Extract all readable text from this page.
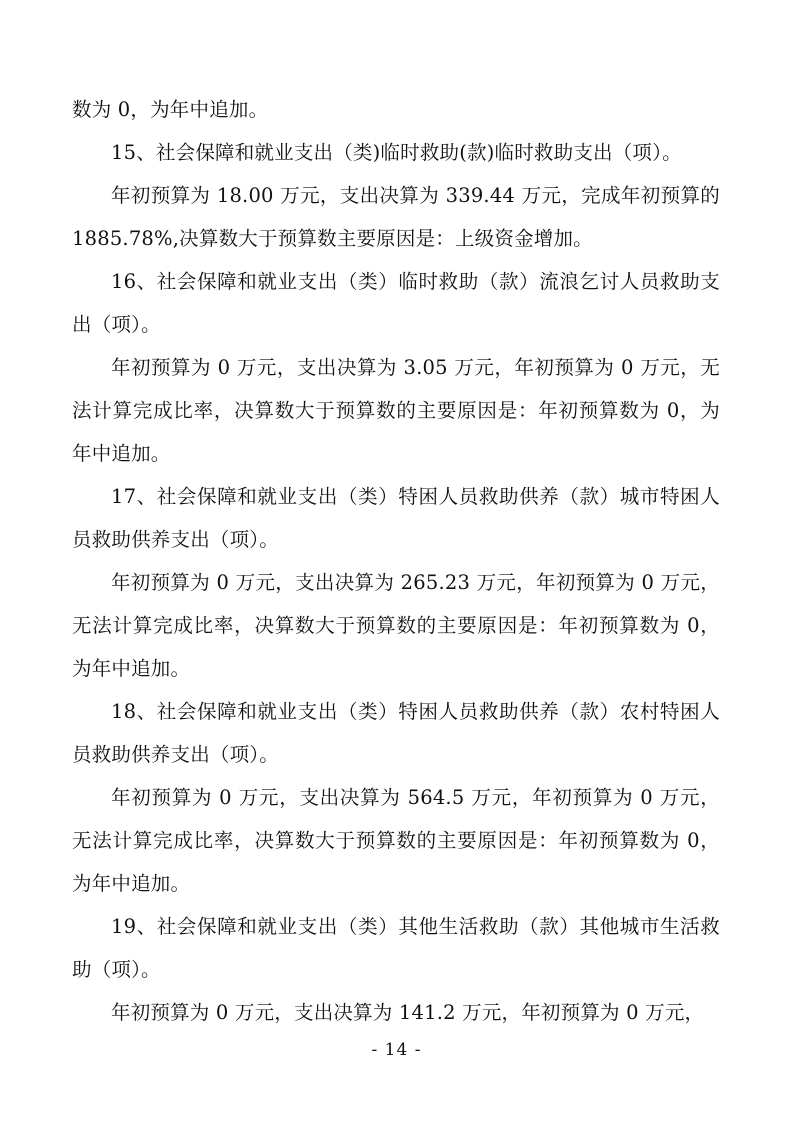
数为 0，为年中追加。

15、社会保障和就业支出（类)临时救助(款)临时救助支出（项）。

年初预算为 18.00 万元，支出决算为 339.44 万元，完成年初预算的 1885.78%,决算数大于预算数主要原因是：上级资金增加。

16、社会保障和就业支出（类）临时救助（款）流浪乞讨人员救助支出（项）。

年初预算为 0 万元，支出决算为 3.05 万元，年初预算为 0 万元，无法计算完成比率，决算数大于预算数的主要原因是：年初预算数为 0，为年中追加。

17、社会保障和就业支出（类）特困人员救助供养（款）城市特困人员救助供养支出（项）。

年初预算为 0 万元，支出决算为 265.23 万元，年初预算为 0 万元，无法计算完成比率，决算数大于预算数的主要原因是：年初预算数为 0，为年中追加。

18、社会保障和就业支出（类）特困人员救助供养（款）农村特困人员救助供养支出（项）。

年初预算为 0 万元，支出决算为 564.5 万元，年初预算为 0 万元，无法计算完成比率，决算数大于预算数的主要原因是：年初预算数为 0，为年中追加。

19、社会保障和就业支出（类）其他生活救助（款）其他城市生活救助（项）。

年初预算为 0 万元，支出决算为 141.2 万元，年初预算为 0 万元，

- 14 -
